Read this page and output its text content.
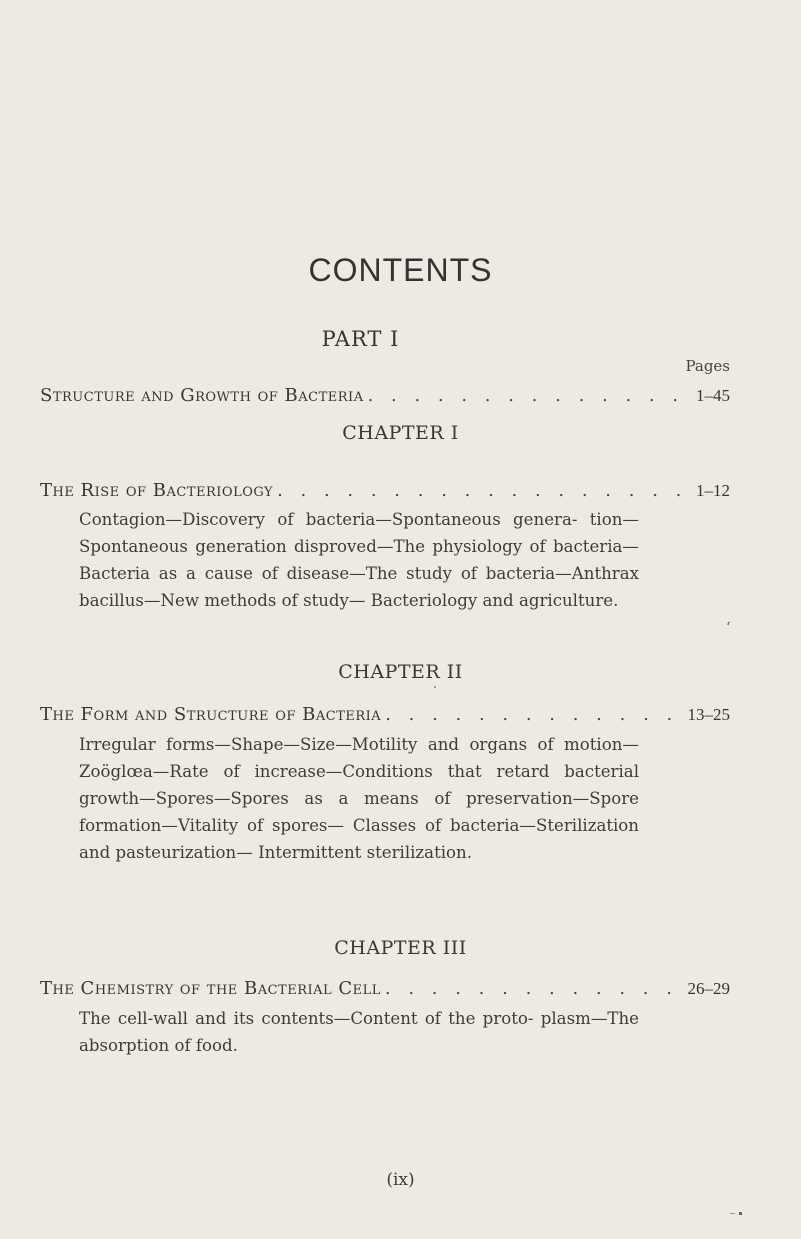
CONTENTS
PART I
Pages
Structure and Growth of Bacteria . . .	1–45
CHAPTER I
The Rise of Bacteriology . . .	1–12
Contagion—Discovery of bacteria—Spontaneous genera- tion—Spontaneous generation disproved—The physiology of bacteria—Bacteria as a cause of disease—The study of bacteria—Anthrax bacillus—New methods of study— Bacteriology and agriculture.
CHAPTER II
The Form and Structure of Bacteria . . .	13–25
Irregular forms—Shape—Size—Motility and organs of motion—Zoöglœa—Rate of increase—Conditions that retard bacterial growth—Spores—Spores as a means of preservation—Spore formation—Vitality of spores— Classes of bacteria—Sterilization and pasteurization— Intermittent sterilization.
‘
CHAPTER III
The Chemistry of the Bacterial Cell . . .	26–29
The cell-wall and its contents—Content of the proto- plasm—The absorption of food.
(ix)
